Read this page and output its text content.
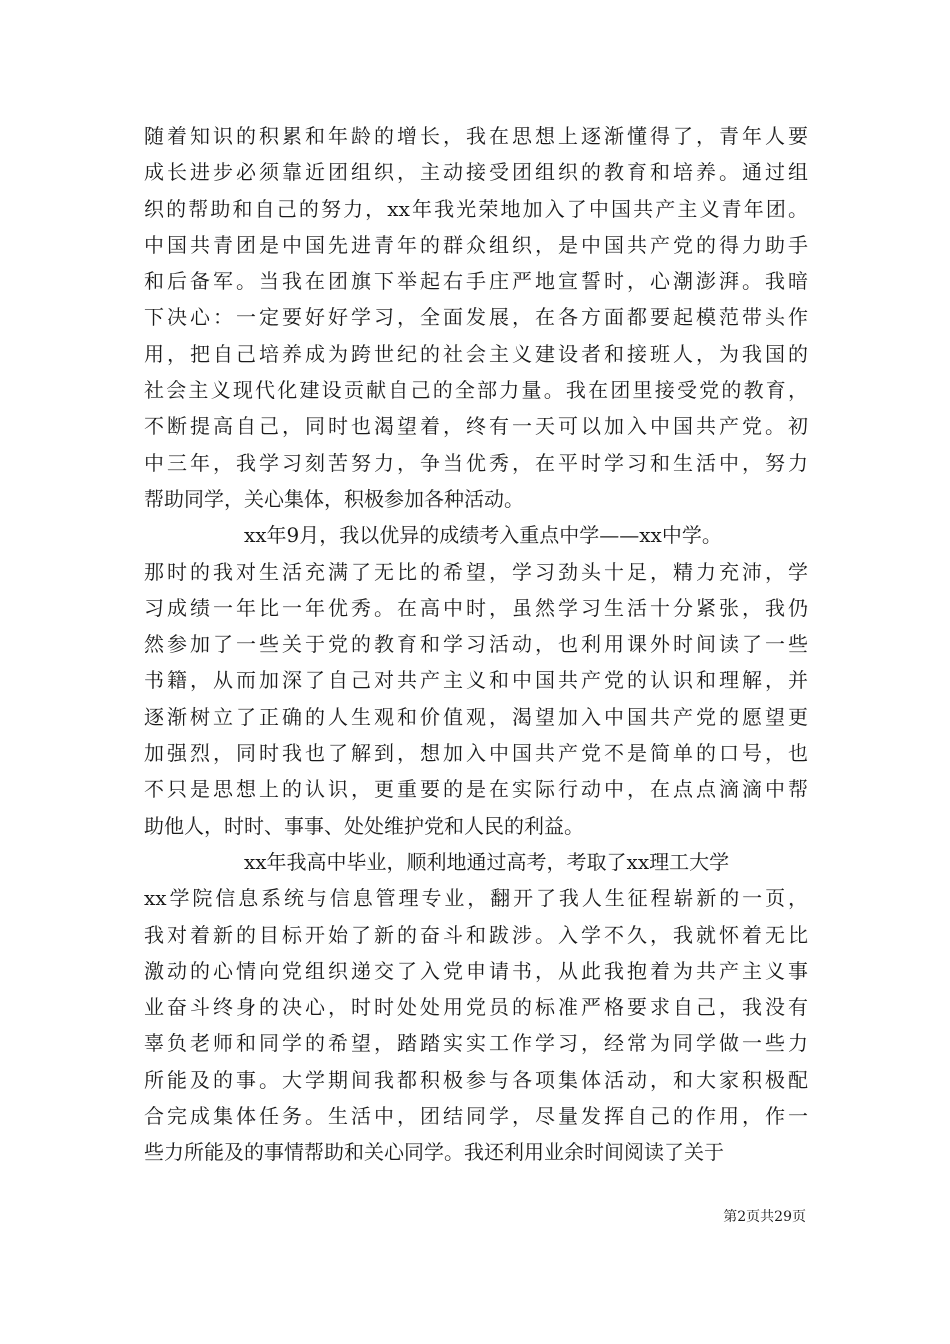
随着知识的积累和年龄的增长，我在思想上逐渐懂得了，青年人要
成长进步必须靠近团组织，主动接受团组织的教育和培养。通过组
织的帮助和自己的努力，xx年我光荣地加入了中国共产主义青年团。
中国共青团是中国先进青年的群众组织，是中国共产党的得力助手
和后备军。当我在团旗下举起右手庄严地宣誓时，心潮澎湃。我暗
下决心：一定要好好学习，全面发展，在各方面都要起模范带头作
用，把自己培养成为跨世纪的社会主义建设者和接班人，为我国的
社会主义现代化建设贡献自己的全部力量。我在团里接受党的教育，
不断提高自己，同时也渴望着，终有一天可以加入中国共产党。初
中三年，我学习刻苦努力，争当优秀，在平时学习和生活中，努力
帮助同学，关心集体，积极参加各种活动。
xx年9月，我以优异的成绩考入重点中学——xx中学。
那时的我对生活充满了无比的希望，学习劲头十足，精力充沛，学
习成绩一年比一年优秀。在高中时，虽然学习生活十分紧张，我仍
然参加了一些关于党的教育和学习活动，也利用课外时间读了一些
书籍，从而加深了自己对共产主义和中国共产党的认识和理解，并
逐渐树立了正确的人生观和价值观，渴望加入中国共产党的愿望更
加强烈，同时我也了解到，想加入中国共产党不是简单的口号，也
不只是思想上的认识，更重要的是在实际行动中，在点点滴滴中帮
助他人，时时、事事、处处维护党和人民的利益。
xx年我高中毕业，顺利地通过高考，考取了xx理工大学
xx学院信息系统与信息管理专业，翻开了我人生征程崭新的一页，
我对着新的目标开始了新的奋斗和跋涉。入学不久，我就怀着无比
激动的心情向党组织递交了入党申请书，从此我抱着为共产主义事
业奋斗终身的决心，时时处处用党员的标准严格要求自己，我没有
辜负老师和同学的希望，踏踏实实工作学习，经常为同学做一些力
所能及的事。大学期间我都积极参与各项集体活动，和大家积极配
合完成集体任务。生活中，团结同学，尽量发挥自己的作用，作一
些力所能及的事情帮助和关心同学。我还利用业余时间阅读了关于
第2页共29页
